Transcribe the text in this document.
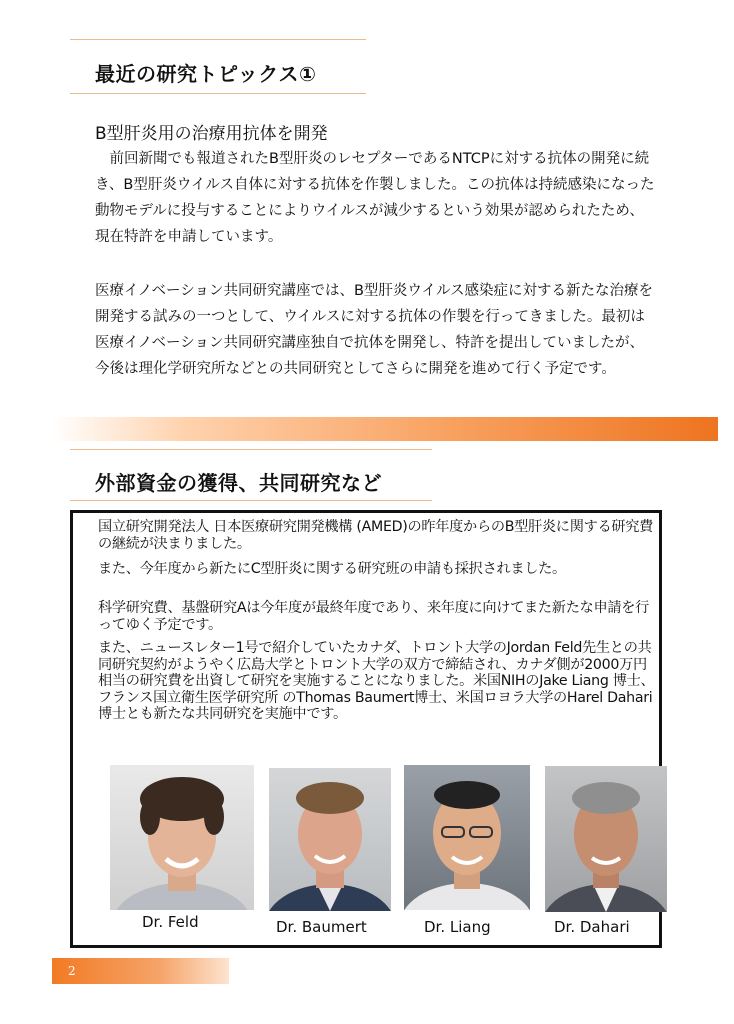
最近の研究トピックス①
B型肝炎用の治療用抗体を開発

　前回新聞でも報道されたB型肝炎のレセプターであるNTCPに対する抗体の開発に続き、B型肝炎ウイルス自体に対する抗体を作製しました。この抗体は持続感染になった動物モデルに投与することによりウイルスが減少するという効果が認められたため、現在特許を申請しています。

医療イノベーション共同研究講座では、B型肝炎ウイルス感染症に対する新たな治療を開発する試みの一つとして、ウイルスに対する抗体の作製を行ってきました。最初は医療イノベーション共同研究講座独自で抗体を開発し、特許を提出していましたが、今後は理化学研究所などとの共同研究としてさらに開発を進めて行く予定です。

外部資金の獲得、共同研究など

国立研究開発法人 日本医療研究開発機構 (AMED)の昨年度からのB型肝炎に関する研究費の継続が決まりました。

また、今年度から新たにC型肝炎に関する研究班の申請も採択されました。

科学研究費、基盤研究Aは今年度が最終年度であり、来年度に向けてまた新たな申請を行ってゆく予定です。

また、ニュースレター1号で紹介していたカナダ、トロント大学のJordan Feld先生との共同研究契約がようやく広島大学とトロント大学の双方で締結され、カナダ側が2000万円相当の研究費を出資して研究を実施することになりました。米国NIHのJake Liang 博士、フランス国立衛生医学研究所 のThomas Baumert博士、米国ロヨラ大学のHarel Dahari博士とも新たな共同研究を実施中です。

Dr. Feld	Dr. Baumert	Dr. Liang	Dr. Dahari
2
